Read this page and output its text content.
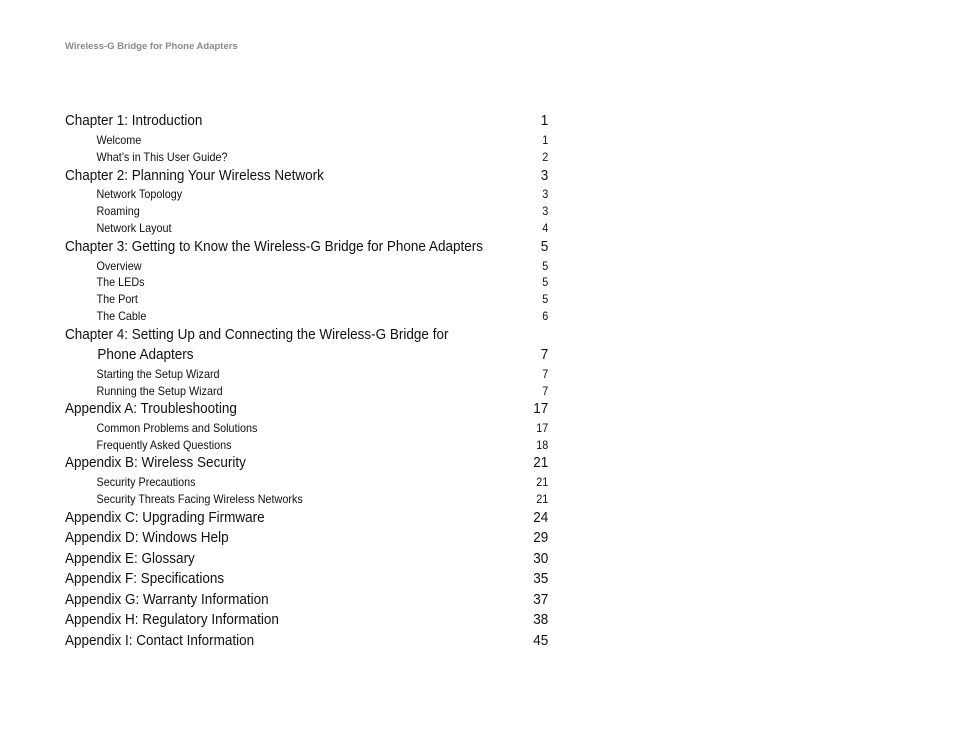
Wireless-G Bridge for Phone Adapters
Chapter 1: Introduction	1
Welcome	1
What’s in This User Guide?	2
Chapter 2: Planning Your Wireless Network	3
Network Topology	3
Roaming	3
Network Layout	4
Chapter 3: Getting to Know the Wireless-G Bridge for Phone Adapters	5
Overview	5
The LEDs	5
The Port	5
The Cable	6
Chapter 4: Setting Up and Connecting the Wireless-G Bridge for
Phone Adapters	7
Starting the Setup Wizard	7
Running the Setup Wizard	7
Appendix A: Troubleshooting	17
Common Problems and Solutions	17
Frequently Asked Questions	18
Appendix B: Wireless Security	21
Security Precautions	21
Security Threats Facing Wireless Networks	21
Appendix C: Upgrading Firmware	24
Appendix D: Windows Help	29
Appendix E: Glossary	30
Appendix F: Specifications	35
Appendix G: Warranty Information	37
Appendix H: Regulatory Information	38
Appendix I: Contact Information	45
